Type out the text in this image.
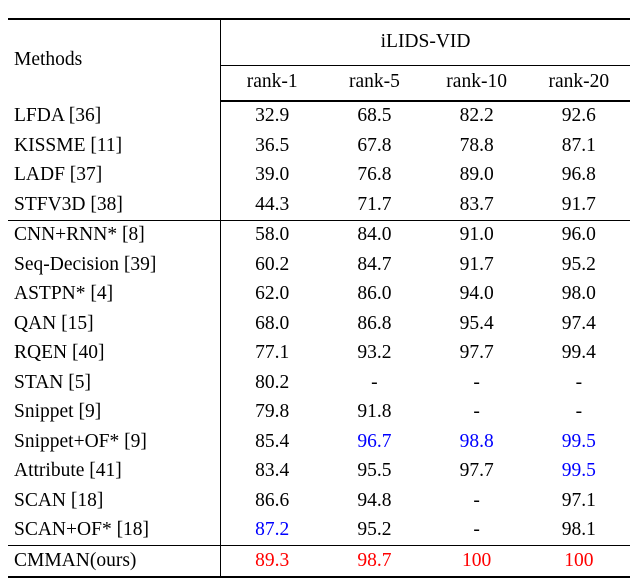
Methods	iLIDS-VID			
	rank-1	rank-5	rank-10	rank-20
LFDA [36]	32.9	68.5	82.2	92.6
KISSME [11]	36.5	67.8	78.8	87.1
LADF [37]	39.0	76.8	89.0	96.8
STFV3D [38]	44.3	71.7	83.7	91.7
CNN+RNN* [8]	58.0	84.0	91.0	96.0
Seq-Decision [39]	60.2	84.7	91.7	95.2
ASTPN* [4]	62.0	86.0	94.0	98.0
QAN [15]	68.0	86.8	95.4	97.4
RQEN [40]	77.1	93.2	97.7	99.4
STAN [5]	80.2	-	-	-
Snippet [9]	79.8	91.8	-	-
Snippet+OF* [9]	85.4	96.7	98.8	99.5
Attribute [41]	83.4	95.5	97.7	99.5
SCAN [18]	86.6	94.8	-	97.1
SCAN+OF* [18]	87.2	95.2	-	98.1
CMMAN(ours)	89.3	98.7	100	100
